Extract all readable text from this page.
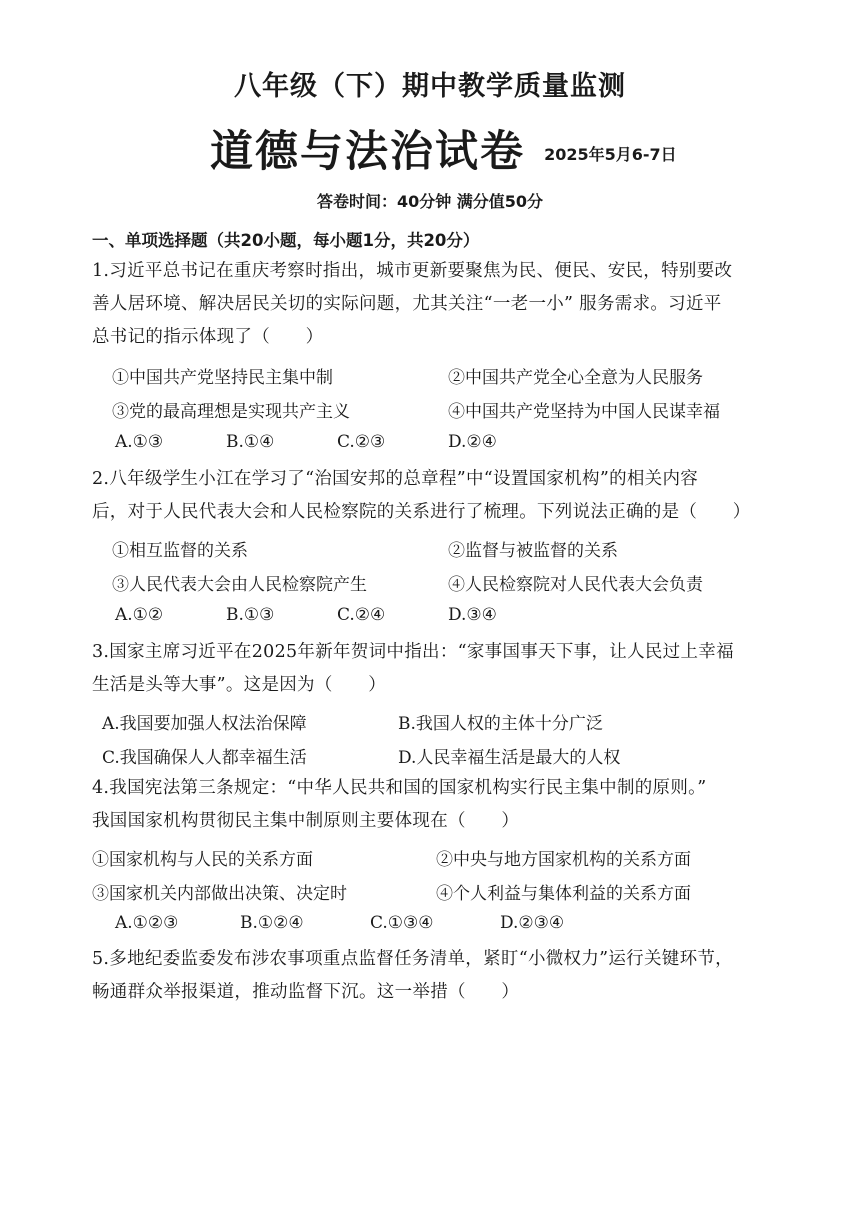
八年级（下）期中教学质量监测
道德与法治试卷 2025年5月6-7日
答卷时间：40分钟 满分值50分
一、单项选择题（共20小题，每小题1分，共20分）
1.习近平总书记在重庆考察时指出，城市更新要聚焦为民、便民、安民，特别要改
善人居环境、解决居民关切的实际问题，尤其关注“一老一小” 服务需求。习近平
总书记的指示体现了（　　）
①中国共产党坚持民主集中制	②中国共产党全心全意为人民服务
③党的最高理想是实现共产主义	④中国共产党坚持为中国人民谋幸福
A.①③	B.①④	C.②③	D.②④
2.八年级学生小江在学习了“治国安邦的总章程”中“设置国家机构”的相关内容
后，对于人民代表大会和人民检察院的关系进行了梳理。下列说法正确的是（　　）
①相互监督的关系	②监督与被监督的关系
③人民代表大会由人民检察院产生	④人民检察院对人民代表大会负责
A.①②	B.①③	C.②④	D.③④
3.国家主席习近平在2025年新年贺词中指出：“家事国事天下事，让人民过上幸福
生活是头等大事”。这是因为（　　）
A.我国要加强人权法治保障	B.我国人权的主体十分广泛
C.我国确保人人都幸福生活	D.人民幸福生活是最大的人权
4.我国宪法第三条规定：“中华人民共和国的国家机构实行民主集中制的原则。”
我国国家机构贯彻民主集中制原则主要体现在（　　）
①国家机构与人民的关系方面	②中央与地方国家机构的关系方面
③国家机关内部做出决策、决定时	④个人利益与集体利益的关系方面
A.①②③	B.①②④	C.①③④	D.②③④
5.多地纪委监委发布涉农事项重点监督任务清单，紧盯“小微权力”运行关键环节，
畅通群众举报渠道，推动监督下沉。这一举措（　　）
